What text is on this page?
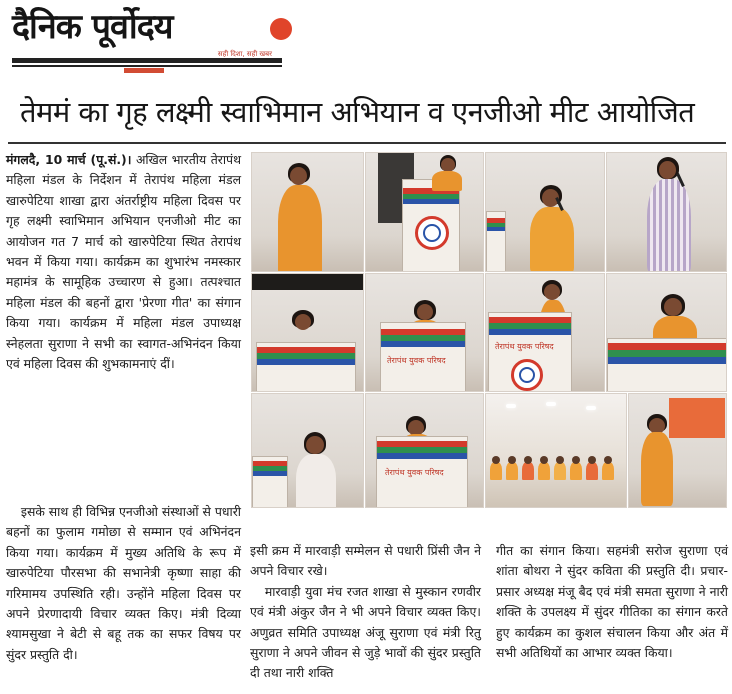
दैनिक पूर्वोदय
सही दिशा, सही खबर
तेममं का गृह लक्ष्मी स्वाभिमान अभियान व एनजीओ मीट आयोजित

मंगलदै, 10 मार्च (पू.सं.)। अखिल भारतीय तेरापंथ महिला मंडल के निर्देशन में तेरापंथ महिला मंडल खारुपेटिया शाखा द्वारा अंतर्राष्ट्रीय महिला दिवस पर गृह लक्ष्मी स्वाभिमान अभियान एनजीओ मीट का आयोजन गत 7 मार्च को खारुपेटिया स्थित तेरापंथ भवन में किया गया। कार्यक्रम का शुभारंभ नमस्कार महामंत्र के सामूहिक उच्चारण से हुआ। तत्पश्चात महिला मंडल की बहनों द्वारा 'प्रेरणा गीत' का संगान किया गया। कार्यक्रम में महिला मंडल उपाध्यक्ष स्नेहलता सुराणा ने सभी का स्वागत-अभिनंदन किया एवं महिला दिवस की शुभकामनाएं दीं।

इसके साथ ही विभिन्न एनजीओ संस्थाओं से पधारी बहनों का फुलाम गमोछा से सम्मान एवं अभिनंदन किया गया। कार्यक्रम में मुख्य अतिथि के रूप में खारुपेटिया पौरसभा की सभानेत्री कृष्णा साहा की गरिमामय उपस्थिति रही। उन्होंने महिला दिवस पर अपने प्रेरणादायी विचार व्यक्त किए। मंत्री दिव्या श्यामसुखा ने बेटी से बहू तक का सफर विषय पर सुंदर प्रस्तुति दी।

इसी क्रम में मारवाड़ी सम्मेलन से पधारी प्रिंसी जैन ने अपने विचार रखे।

मारवाड़ी युवा मंच रजत शाखा से मुस्कान रणवीर एवं मंत्री अंकुर जैन ने भी अपने विचार व्यक्त किए। अणुव्रत समिति उपाध्यक्ष अंजू सुराणा एवं मंत्री रितु सुराणा ने अपने जीवन से जुड़े भावों की सुंदर प्रस्तुति दी तथा नारी शक्ति

गीत का संगान किया। सहमंत्री सरोज सुराणा एवं शांता बोथरा ने सुंदर कविता की प्रस्तुति दी। प्रचार-प्रसार अध्यक्ष मंजू बैद एवं मंत्री समता सुराणा ने नारी शक्ति के उपलक्ष्य में सुंदर गीतिका का संगान करते हुए कार्यक्रम का कुशल संचालन किया और अंत में सभी अतिथियों का आभार व्यक्त किया।

तेरापंथ युवक परिषद
तेरापंथ युवक परिषद
तेरापंथ युवक परिषद
